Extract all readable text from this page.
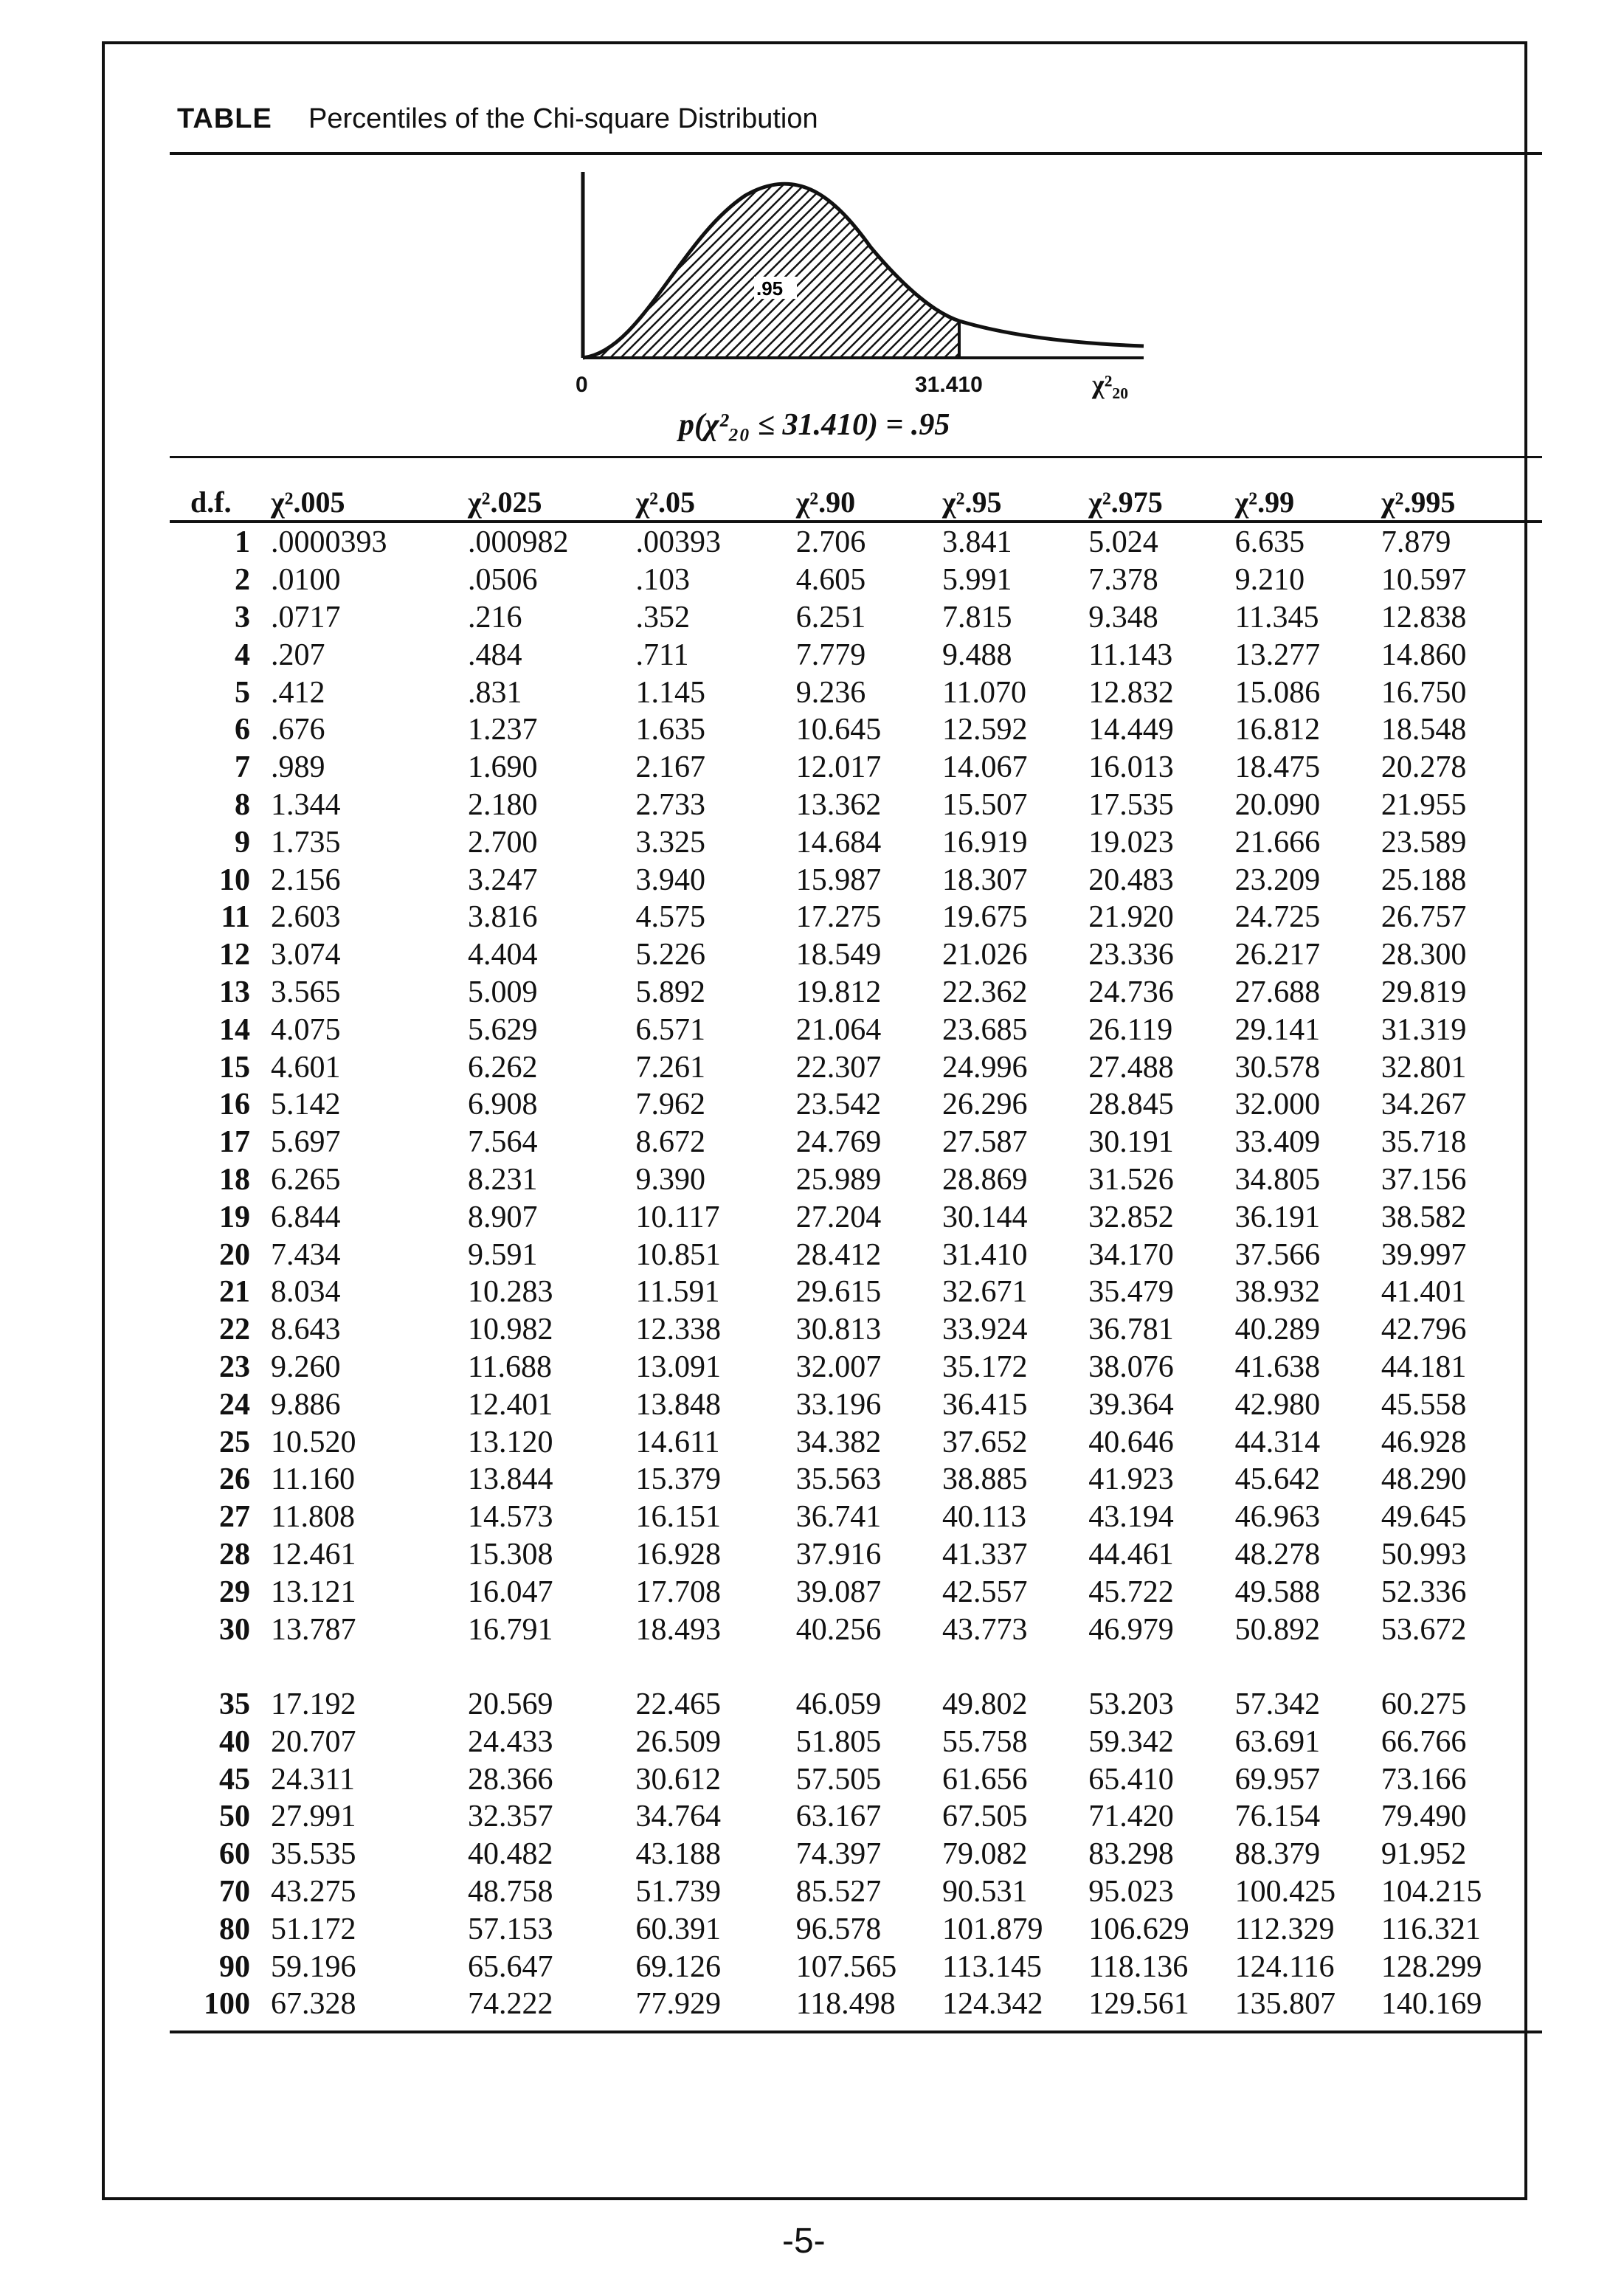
TABLE Percentiles of the Chi-square Distribution
.95
0	31.410	χ²₂₀
p(χ²₂₀ ≤ 31.410) = .95
d.f.	χ².005	χ².025	χ².05	χ².90	χ².95	χ².975	χ².99	χ².995
1	.0000393	.000982	.00393	2.706	3.841	5.024	6.635	7.879
2	.0100	.0506	.103	4.605	5.991	7.378	9.210	10.597
3	.0717	.216	.352	6.251	7.815	9.348	11.345	12.838
4	.207	.484	.711	7.779	9.488	11.143	13.277	14.860
5	.412	.831	1.145	9.236	11.070	12.832	15.086	16.750
6	.676	1.237	1.635	10.645	12.592	14.449	16.812	18.548
7	.989	1.690	2.167	12.017	14.067	16.013	18.475	20.278
8	1.344	2.180	2.733	13.362	15.507	17.535	20.090	21.955
9	1.735	2.700	3.325	14.684	16.919	19.023	21.666	23.589
10	2.156	3.247	3.940	15.987	18.307	20.483	23.209	25.188
11	2.603	3.816	4.575	17.275	19.675	21.920	24.725	26.757
12	3.074	4.404	5.226	18.549	21.026	23.336	26.217	28.300
13	3.565	5.009	5.892	19.812	22.362	24.736	27.688	29.819
14	4.075	5.629	6.571	21.064	23.685	26.119	29.141	31.319
15	4.601	6.262	7.261	22.307	24.996	27.488	30.578	32.801
16	5.142	6.908	7.962	23.542	26.296	28.845	32.000	34.267
17	5.697	7.564	8.672	24.769	27.587	30.191	33.409	35.718
18	6.265	8.231	9.390	25.989	28.869	31.526	34.805	37.156
19	6.844	8.907	10.117	27.204	30.144	32.852	36.191	38.582
20	7.434	9.591	10.851	28.412	31.410	34.170	37.566	39.997
21	8.034	10.283	11.591	29.615	32.671	35.479	38.932	41.401
22	8.643	10.982	12.338	30.813	33.924	36.781	40.289	42.796
23	9.260	11.688	13.091	32.007	35.172	38.076	41.638	44.181
24	9.886	12.401	13.848	33.196	36.415	39.364	42.980	45.558
25	10.520	13.120	14.611	34.382	37.652	40.646	44.314	46.928
26	11.160	13.844	15.379	35.563	38.885	41.923	45.642	48.290
27	11.808	14.573	16.151	36.741	40.113	43.194	46.963	49.645
28	12.461	15.308	16.928	37.916	41.337	44.461	48.278	50.993
29	13.121	16.047	17.708	39.087	42.557	45.722	49.588	52.336
30	13.787	16.791	18.493	40.256	43.773	46.979	50.892	53.672

35	17.192	20.569	22.465	46.059	49.802	53.203	57.342	60.275
40	20.707	24.433	26.509	51.805	55.758	59.342	63.691	66.766
45	24.311	28.366	30.612	57.505	61.656	65.410	69.957	73.166
50	27.991	32.357	34.764	63.167	67.505	71.420	76.154	79.490
60	35.535	40.482	43.188	74.397	79.082	83.298	88.379	91.952
70	43.275	48.758	51.739	85.527	90.531	95.023	100.425	104.215
80	51.172	57.153	60.391	96.578	101.879	106.629	112.329	116.321
90	59.196	65.647	69.126	107.565	113.145	118.136	124.116	128.299
100	67.328	74.222	77.929	118.498	124.342	129.561	135.807	140.169
-5-
